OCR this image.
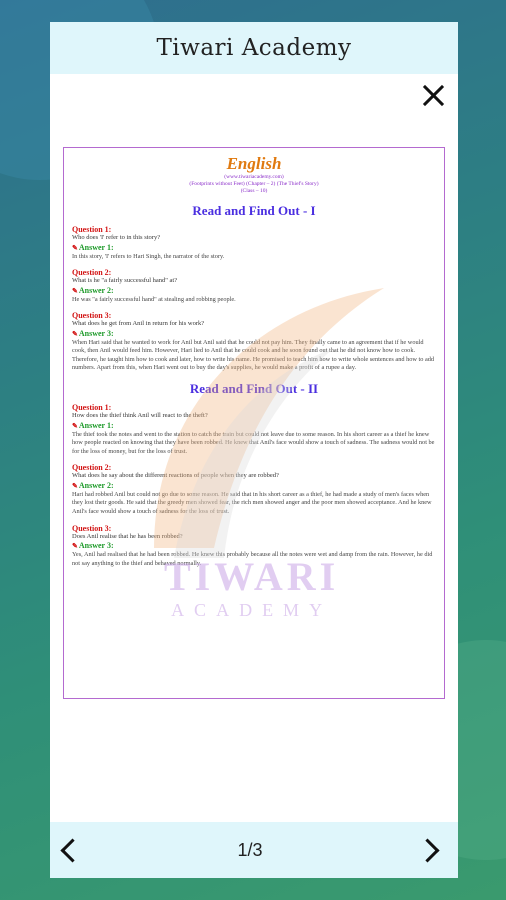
Tiwari Academy
TIWARI
ACADEMY
English
(www.tiwariacademy.com)
(Footprints without Feet) (Chapter – 2) (The Thief's Story)
(Class – 10)
Read and Find Out - I
Question 1:
Who does 'I' refer to in this story?
✎ Answer 1:
In this story, 'I' refers to Hari Singh, the narrator of the story.
Question 2:
What is he "a fairly successful hand" at?
✎ Answer 2:
He was "a fairly successful hand" at stealing and robbing people.
Question 3:
What does he get from Anil in return for his work?
✎ Answer 3:
When Hari said that he wanted to work for Anil but Anil said that he could not pay him. They finally came to an agreement that if he would cook, then Anil would feed him. However, Hari lied to Anil that he could cook and he soon found out that he did not know how to cook. Therefore, he taught him how to cook and later, how to write his name. He promised to teach him how to write whole sentences and how to add numbers. Apart from this, when Hari went out to buy the day's supplies, he would make a profit of a rupee a day.
Read and Find Out - II
Question 1:
How does the thief think Anil will react to the theft?
✎ Answer 1:
The thief took the notes and went to the station to catch the train but could not leave due to some reason. In his short career as a thief he knew how people reacted on knowing that they have been robbed. He knew that Anil's face would show a touch of sadness. The sadness would not be for the loss of money, but for the loss of trust.
Question 2:
What does he say about the different reactions of people when they are robbed?
✎ Answer 2:
Hari had robbed Anil but could not go due to some reason. He said that in his short career as a thief, he had made a study of men's faces when they lost their goods. He said that the greedy men showed fear, the rich men showed anger and the poor men showed acceptance. And he knew Anil's face would show a touch of sadness for the loss of trust.
Question 3:
Does Anil realise that he has been robbed?
✎ Answer 3:
Yes, Anil had realised that he had been robbed. He knew this probably because all the notes were wet and damp from the rain. However, he did not say anything to the thief and behaved normally.
1/3
